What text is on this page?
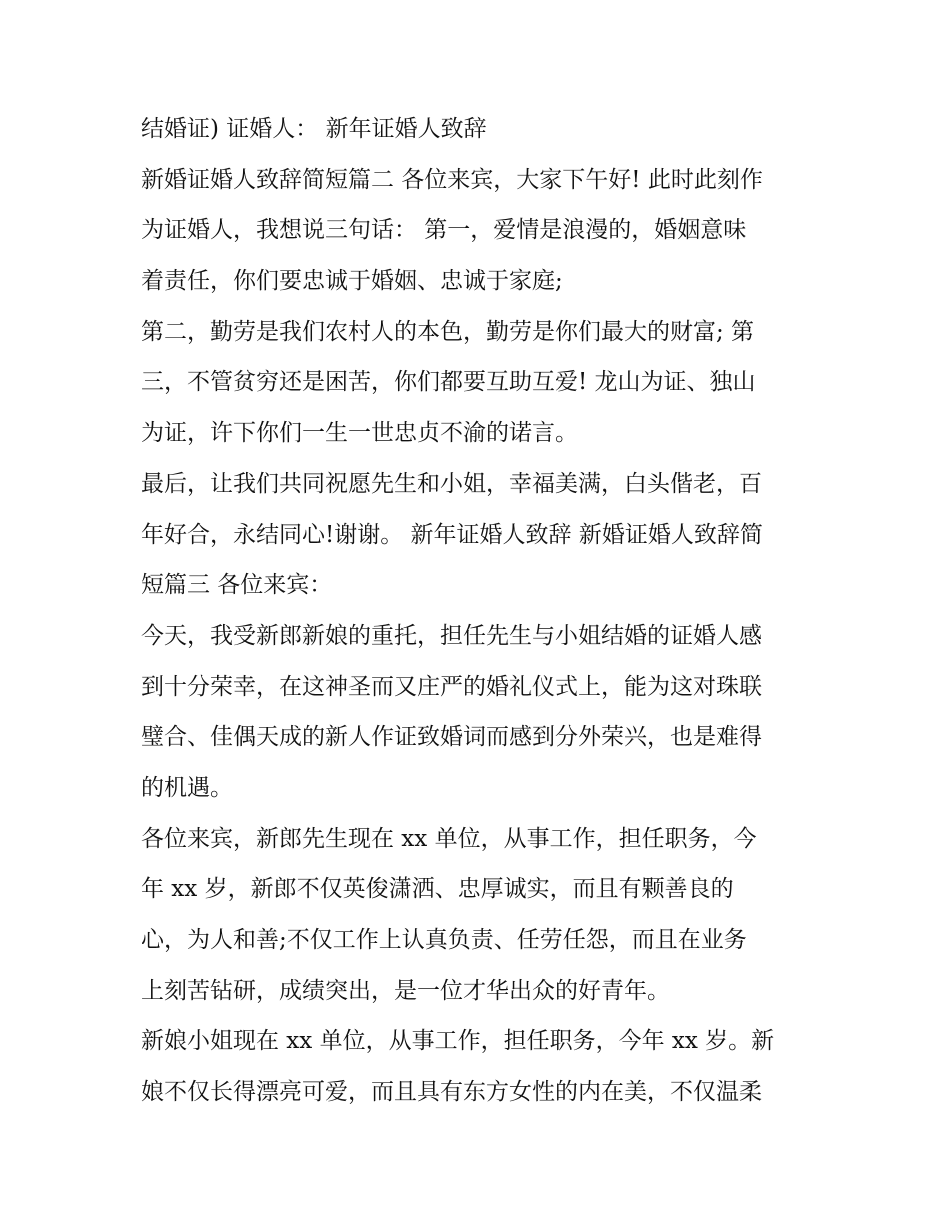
结婚证) 证婚人： 新年证婚人致辞
新婚证婚人致辞简短篇二 各位来宾，大家下午好! 此时此刻作
为证婚人，我想说三句话： 第一，爱情是浪漫的，婚姻意味
着责任，你们要忠诚于婚姻、忠诚于家庭;
第二，勤劳是我们农村人的本色，勤劳是你们最大的财富; 第
三，不管贫穷还是困苦，你们都要互助互爱! 龙山为证、独山
为证，许下你们一生一世忠贞不渝的诺言。
最后，让我们共同祝愿先生和小姐，幸福美满，白头偕老，百
年好合，永结同心!谢谢。 新年证婚人致辞 新婚证婚人致辞简
短篇三 各位来宾：
今天，我受新郎新娘的重托，担任先生与小姐结婚的证婚人感
到十分荣幸，在这神圣而又庄严的婚礼仪式上，能为这对珠联
璧合、佳偶天成的新人作证致婚词而感到分外荣兴，也是难得
的机遇。
各位来宾，新郎先生现在 xx 单位，从事工作，担任职务，今
年 xx 岁，新郎不仅英俊潇洒、忠厚诚实，而且有颗善良的
心，为人和善;不仅工作上认真负责、任劳任怨，而且在业务
上刻苦钻研，成绩突出，是一位才华出众的好青年。
新娘小姐现在 xx 单位，从事工作，担任职务，今年 xx 岁。新
娘不仅长得漂亮可爱，而且具有东方女性的内在美，不仅温柔
